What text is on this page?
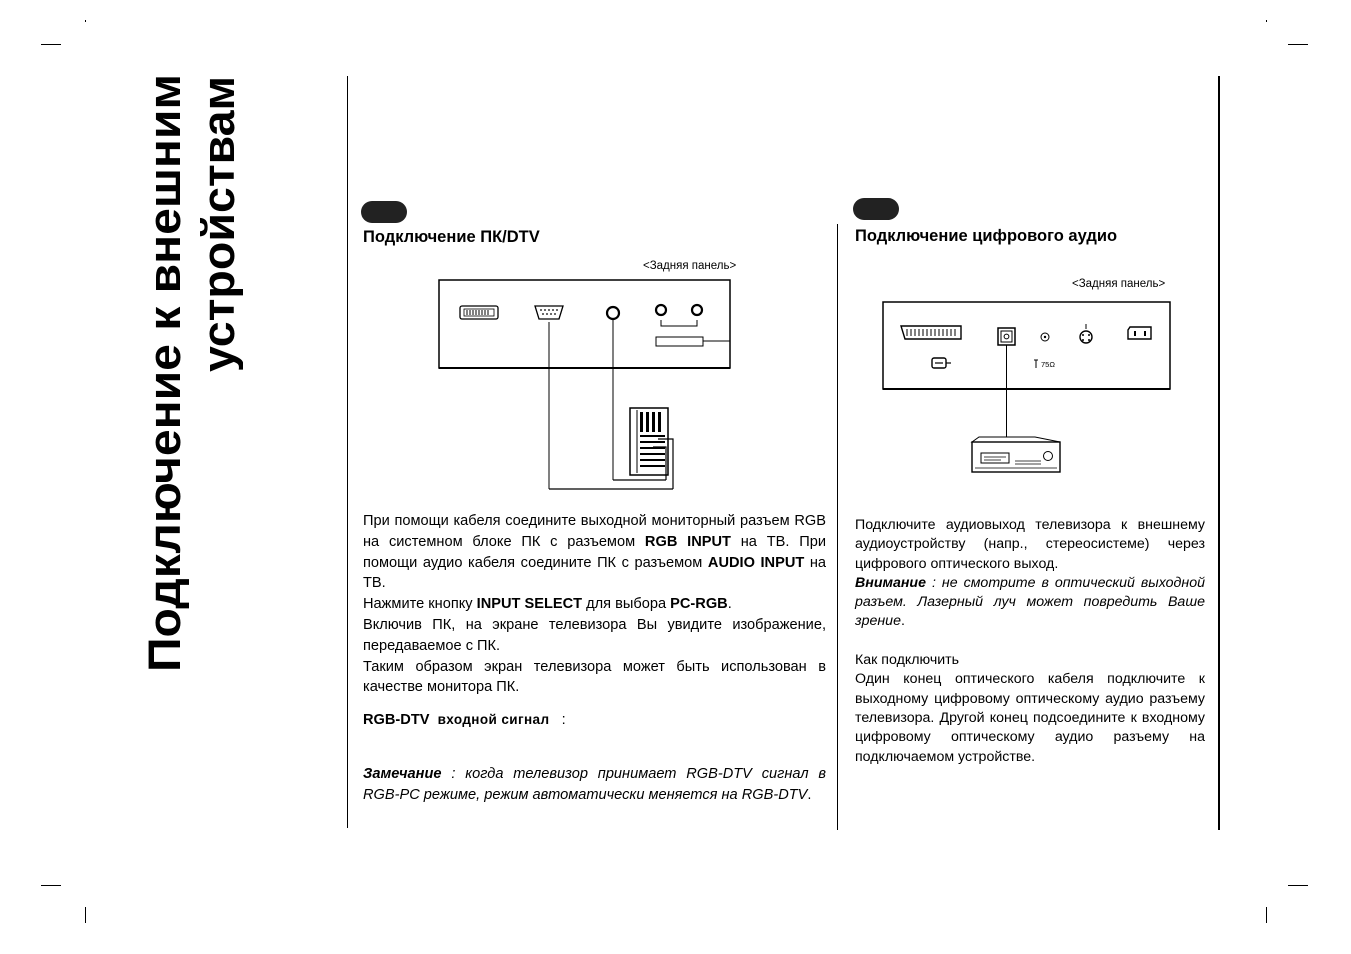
Подключение к внешним устройствам	Подключение ПК/DTV
<Задняя панель>

При помощи кабеля соедините выходной мониторный разъем RGB на системном блоке ПК с разъемом RGB INPUT на ТВ. При помощи аудио кабеля соедините ПК с разъемом AUDIO INPUT на ТВ.

Нажмите кнопку INPUT SELECT для выбора PC-RGB.

Включив ПК, на экране телевизора Вы увидите изображение, передаваемое с ПК.

Таким образом экран телевизора может быть использован в качестве монитора ПК.

RGB-DTV входной сигнал :

Замечание : когда телевизор принимает RGB-DTV сигнал в RGB-PC режиме, режим автоматически меняется на RGB-DTV.

Подключение цифрового аудио
<Задняя панель>
75Ω

Подключите аудиовыход телевизора к внешнему аудиоустройству (напр., стереосистеме) через цифрового оптического выход.

Внимание : не смотрите в оптический выходной разъем. Лазерный луч может повредить Ваше зрение.

Как подключить

Один конец оптического кабеля подключите к выходному цифровому оптическому аудио разъему телевизора. Другой конец подсоедините к входному цифровому оптическому аудио разъему на подключаемом устройстве.
